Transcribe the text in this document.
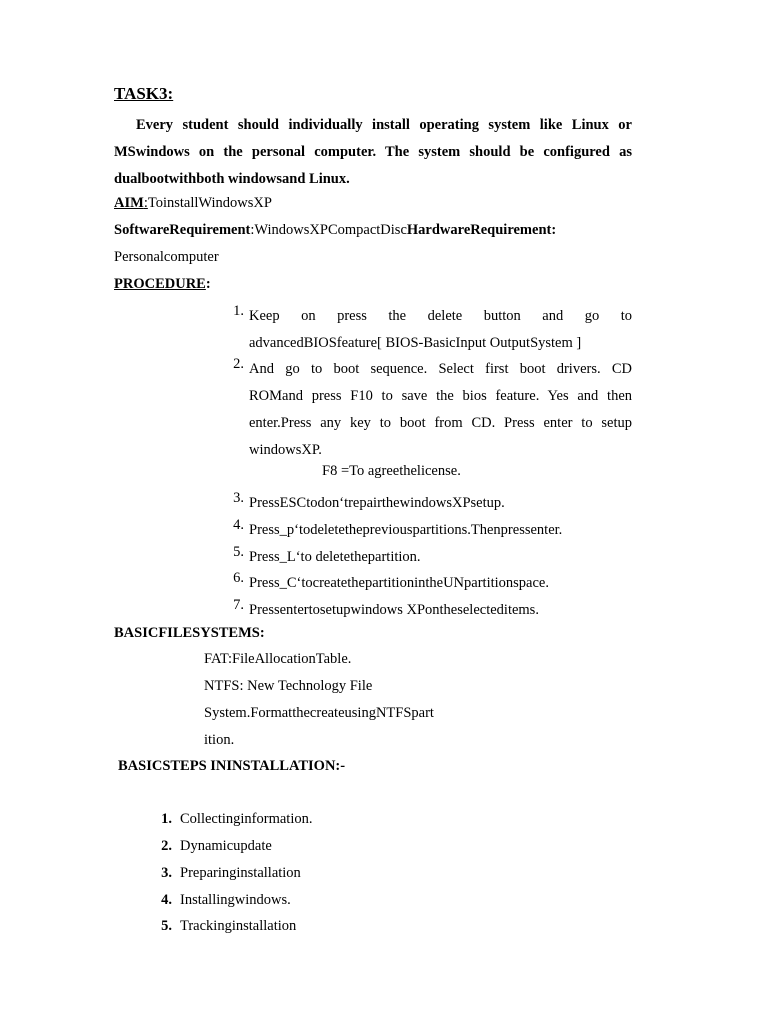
TASK3:

Every student should individually install operating system like Linux or

MSwindows on the personal computer. The system should be configured as

dualbootwithboth windowsand Linux.

AIM:ToinstallWindowsXP
SoftwareRequirement:WindowsXPCompactDiscHardwareRequirement:
Personalcomputer
PROCEDURE:
1. Keep on press the delete button and go to
advancedBIOSfeature[ BIOS-BasicInput OutputSystem ]
2. And go to boot sequence. Select first boot drivers. CD
ROMand press F10 to save the bios feature. Yes and then
enter.Press any key to boot from CD. Press enter to setup
windowsXP.
F8 =To agreethelicense.
3. PressESCtodon‘trepairthewindowsXPsetup.
4. Press_p‘todeletethepreviouspartitions.Thenpressenter.
5. Press_L‘to deletethepartition.
6. Press_C‘tocreatethepartitionintheUNpartitionspace.
7. Pressentertosetupwindows XPontheselecteditems.
BASICFILESYSTEMS:
FAT:FileAllocationTable.
NTFS: New Technology File
System.FormatthecreateusingNTFSpart
ition.
BASICSTEPS ININSTALLATION:-
1. Collectinginformation.
2. Dynamicupdate
3. Preparinginstallation
4. Installingwindows.
5. Trackinginstallation
